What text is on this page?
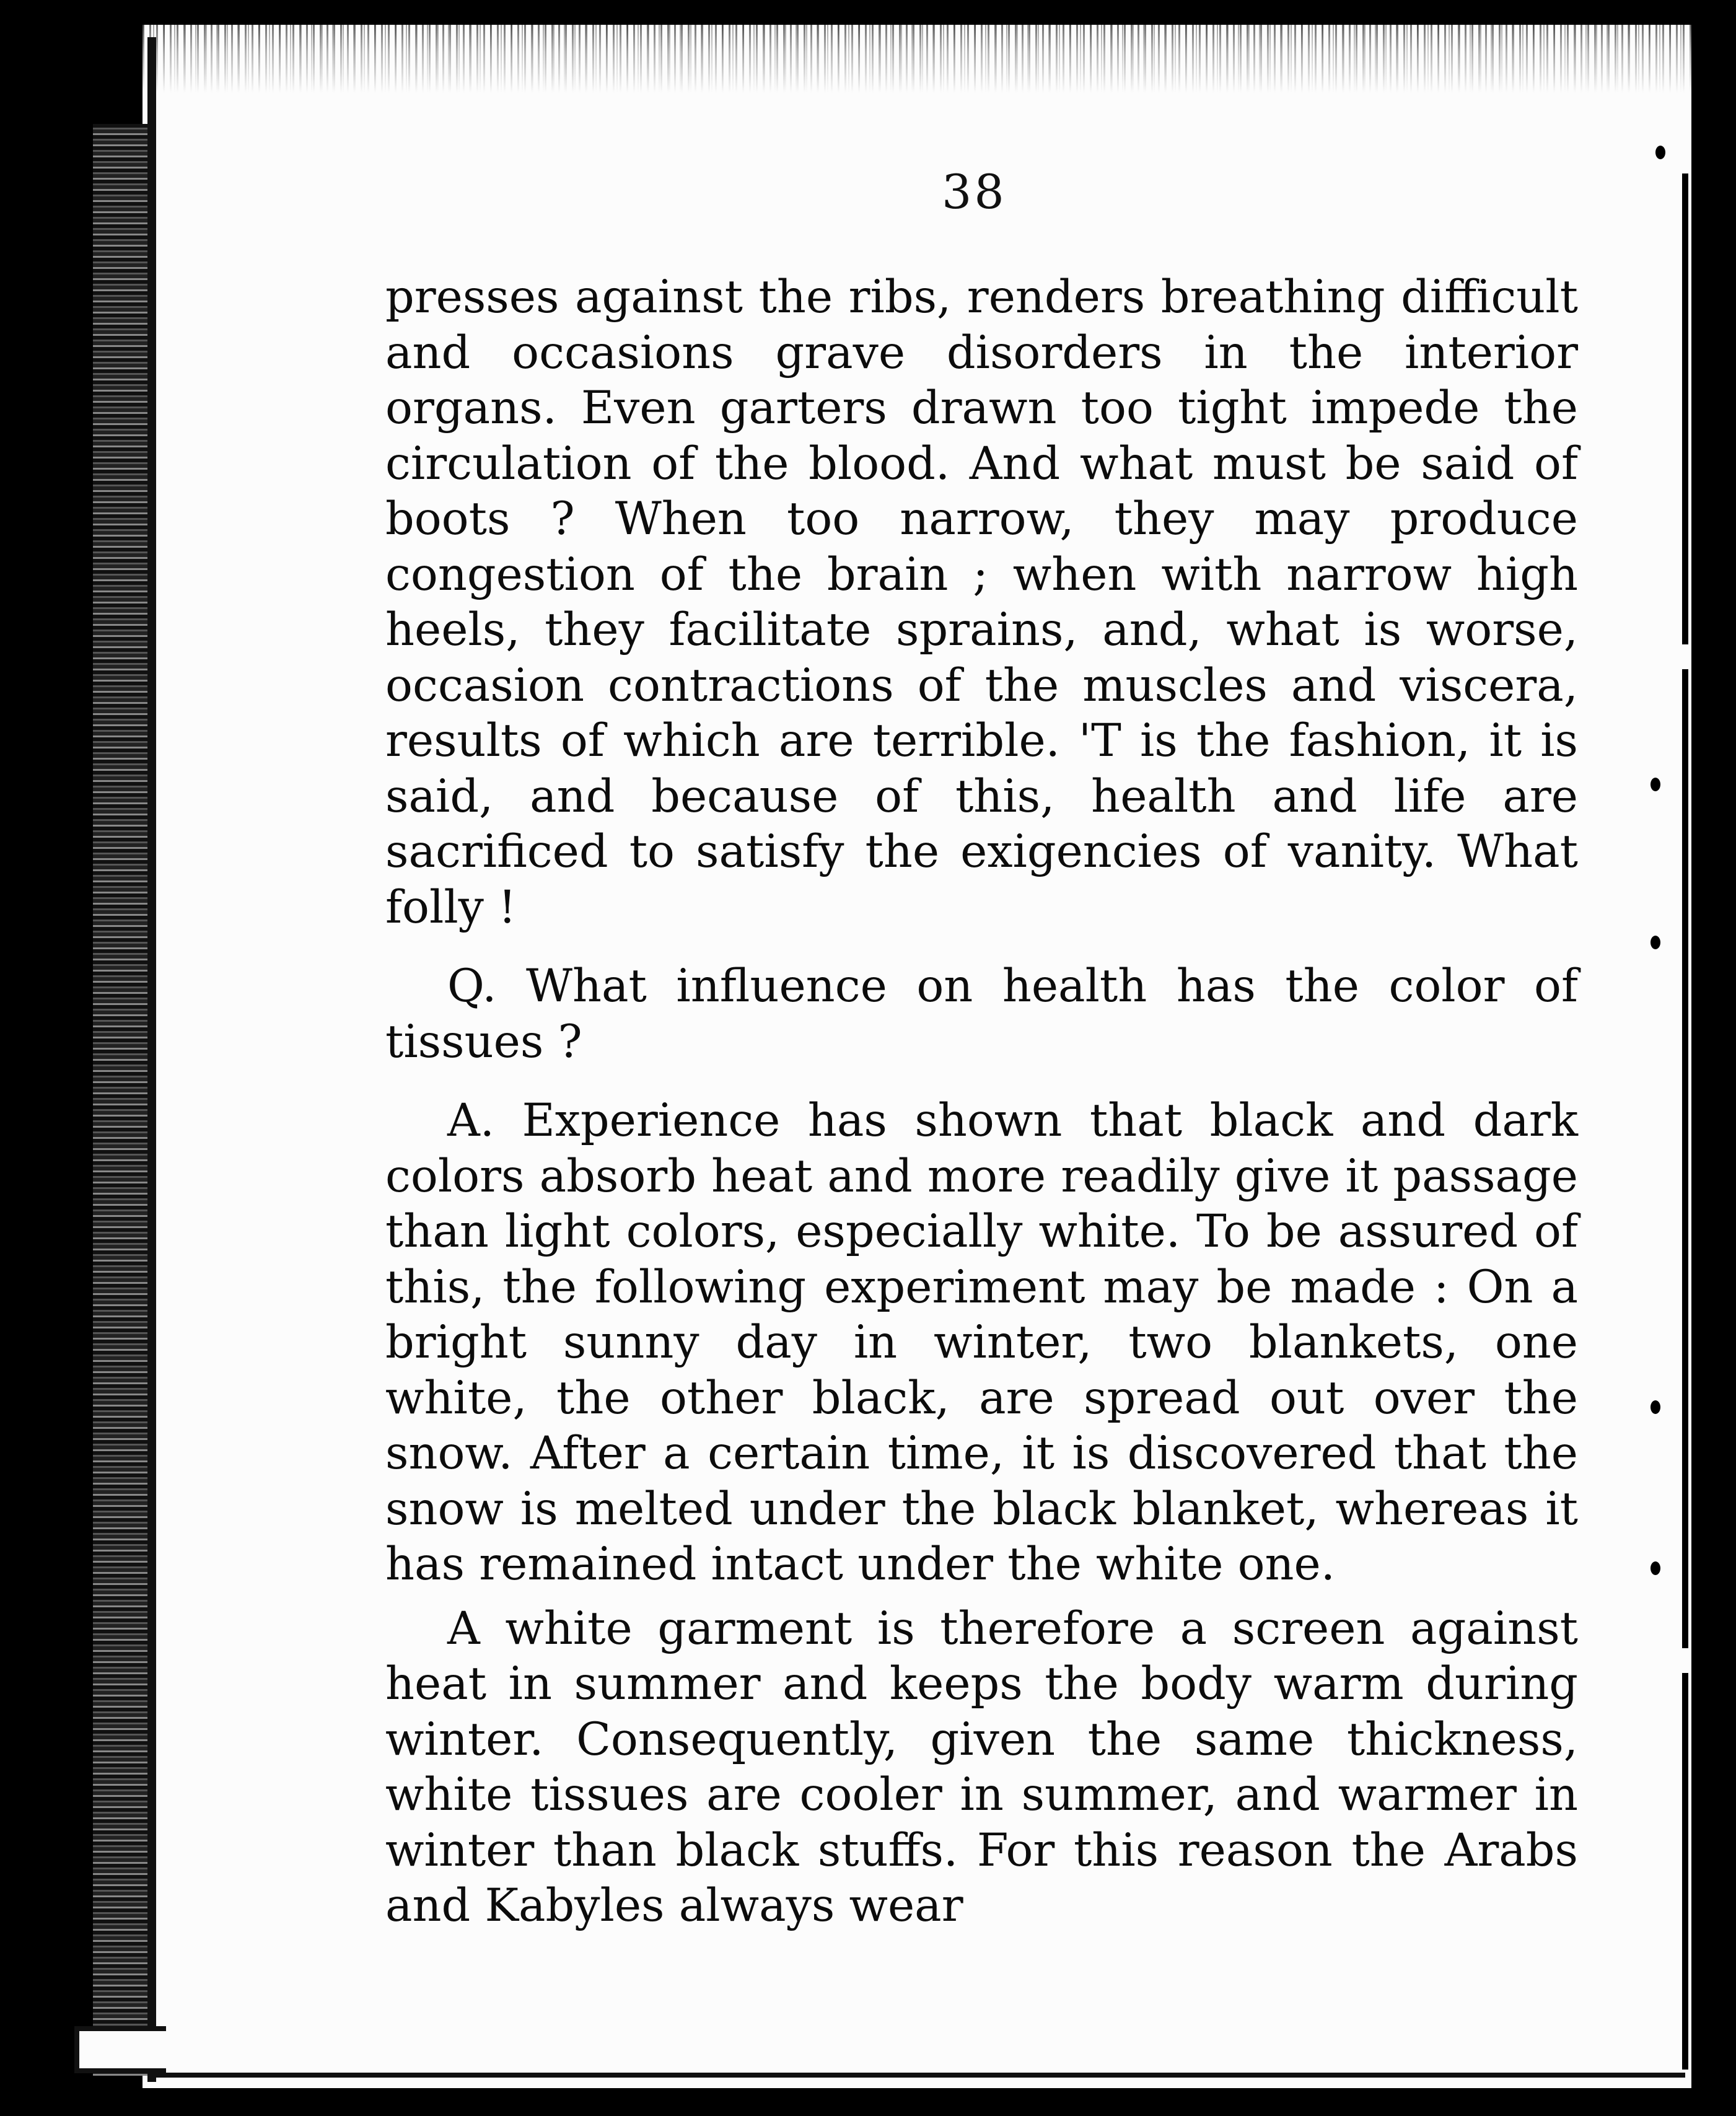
38

presses against the ribs, renders breathing difficult and occasions grave disorders in the interior organs. Even garters drawn too tight impede the circulation of the blood. And what must be said of boots ? When too narrow, they may produce congestion of the brain ; when with narrow high heels, they facilitate sprains, and, what is worse, occasion contractions of the muscles and viscera, results of which are terrible. 'T is the fashion, it is said, and because of this, health and life are sacrificed to satisfy the exigencies of vanity. What folly !

Q. What influence on health has the color of tissues ?

A. Experience has shown that black and dark colors absorb heat and more readily give it passage than light colors, especially white. To be assured of this, the following experiment may be made : On a bright sunny day in winter, two blankets, one white, the other black, are spread out over the snow. After a certain time, it is discovered that the snow is melted under the black blanket, whereas it has remained intact under the white one.

A white garment is therefore a screen against heat in summer and keeps the body warm during winter. Consequently, given the same thickness, white tissues are cooler in summer, and warmer in winter than black stuffs. For this reason the Arabs and Kabyles always wear
